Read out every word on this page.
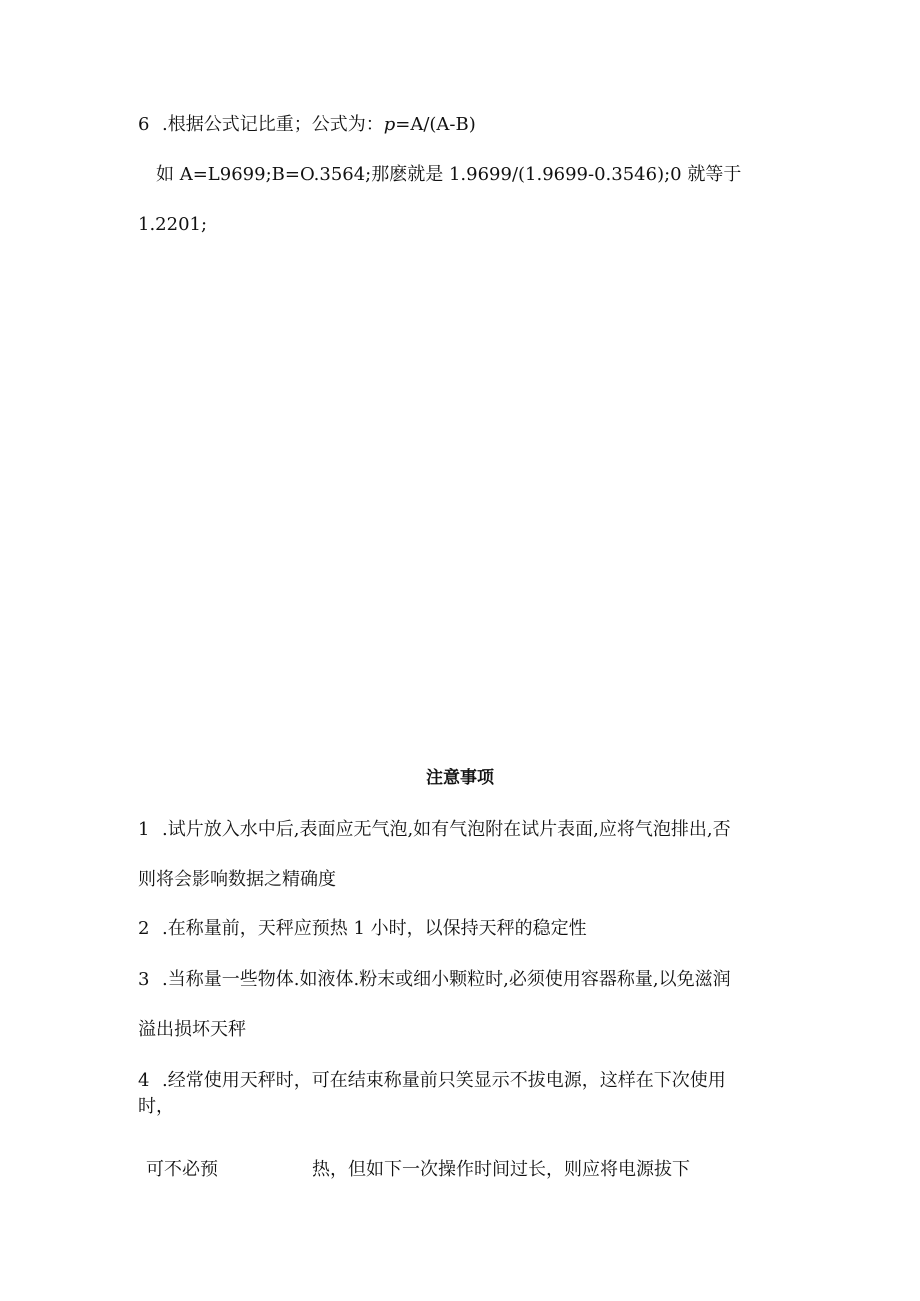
6 .根据公式记比重；公式为：p=A/(A-B)
如 A=L9699;B=O.3564;那麽就是 1.9699/(1.9699-0.3546);0 就等于
1.2201;
注意事项
1 .试片放入水中后,表面应无气泡,如有气泡附在试片表面,应将气泡排出,否
则将会影响数据之精确度
2 .在称量前，天秤应预热 1 小时，以保持天秤的稳定性
3 .当称量一些物体.如液体.粉末或细小颗粒时,必须使用容器称量,以免滋润
溢出损坏天秤
4 .经常使用天秤时，可在结束称量前只笑显示不拔电源，这样在下次使用
时，
可不必预	热，但如下一次操作时间过长，则应将电源拔下
